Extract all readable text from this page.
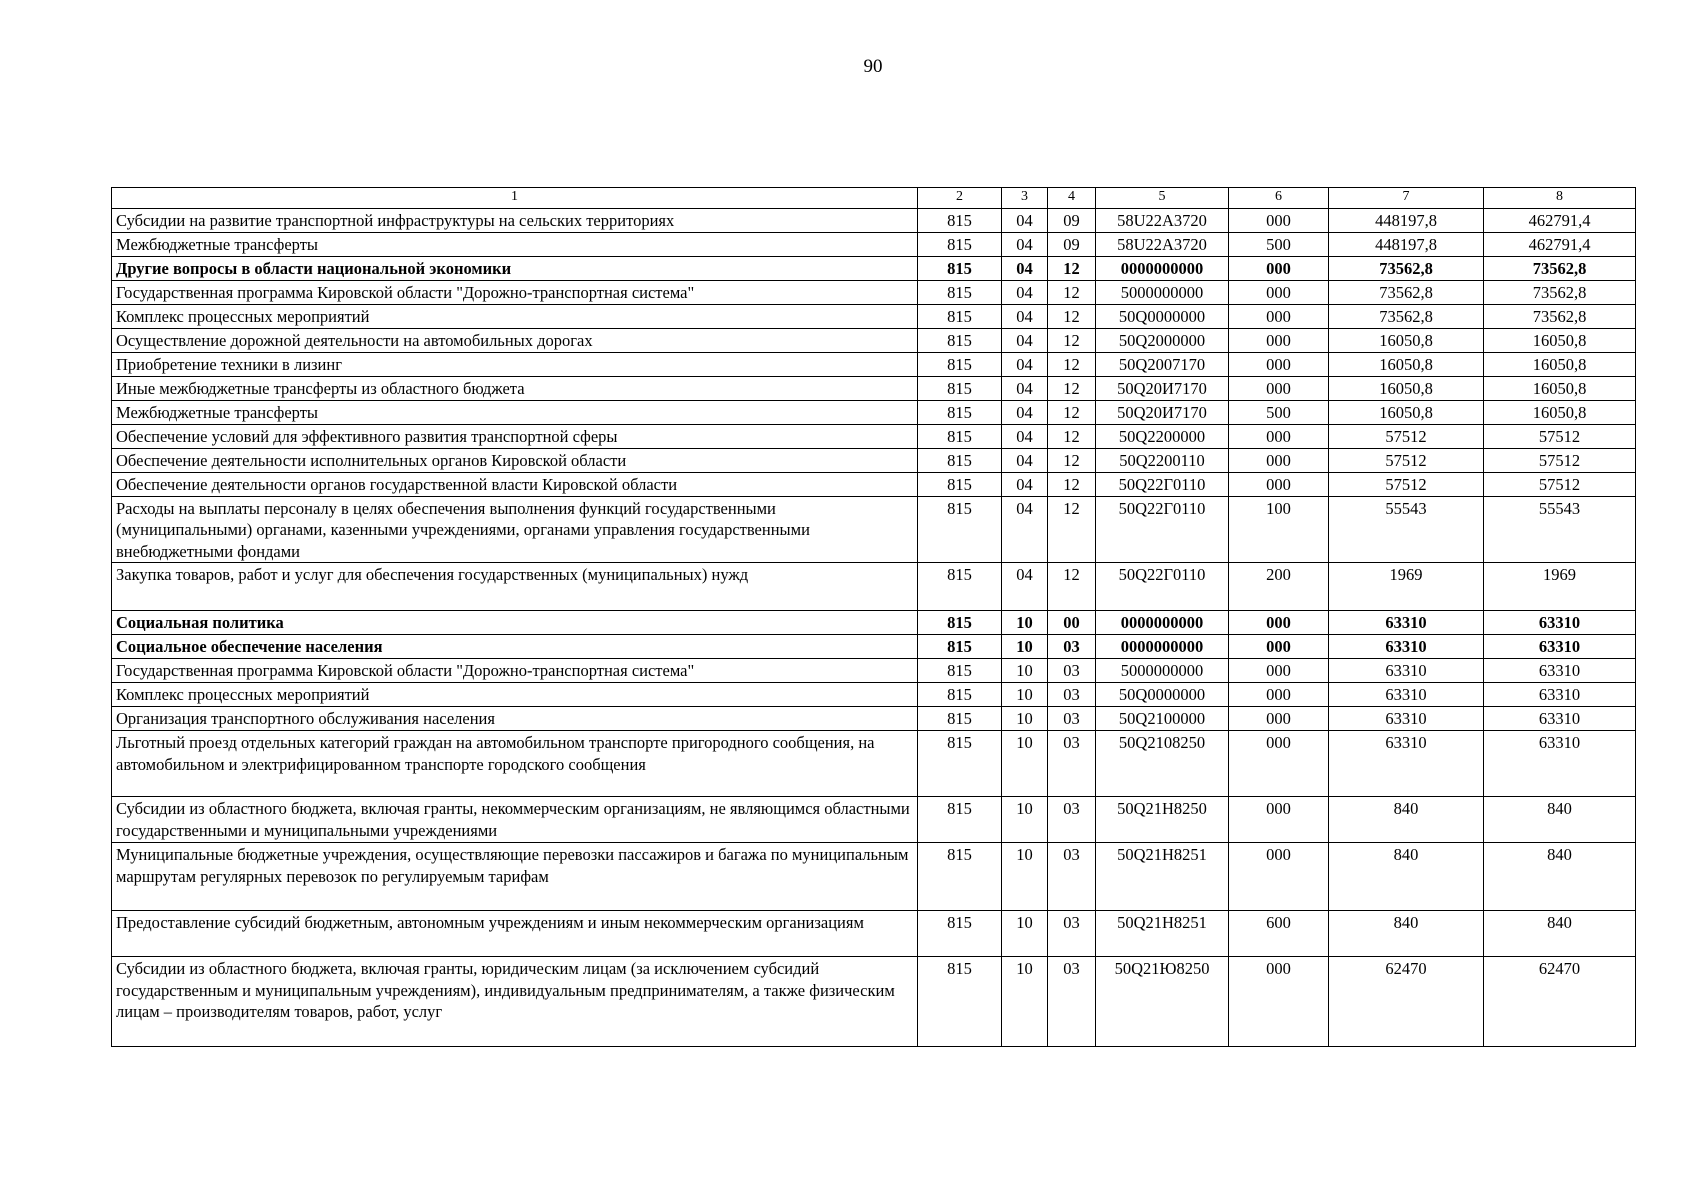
90
1	2	3	4	5	6	7	8
Субсидии на развитие транспортной инфраструктуры на сельских территориях	815	04	09	58U22A3720	000	448197,8	462791,4
Межбюджетные трансферты	815	04	09	58U22A3720	500	448197,8	462791,4
Другие вопросы в области национальной экономики	815	04	12	0000000000	000	73562,8	73562,8
Государственная программа Кировской области "Дорожно-транспортная система"	815	04	12	5000000000	000	73562,8	73562,8
Комплекс процессных мероприятий	815	04	12	50Q0000000	000	73562,8	73562,8
Осуществление дорожной деятельности на автомобильных дорогах	815	04	12	50Q2000000	000	16050,8	16050,8
Приобретение техники в лизинг	815	04	12	50Q2007170	000	16050,8	16050,8
Иные межбюджетные трансферты из областного бюджета	815	04	12	50Q20И7170	000	16050,8	16050,8
Межбюджетные трансферты	815	04	12	50Q20И7170	500	16050,8	16050,8
Обеспечение условий для эффективного развития транспортной сферы	815	04	12	50Q2200000	000	57512	57512
Обеспечение деятельности исполнительных органов Кировской области	815	04	12	50Q2200110	000	57512	57512
Обеспечение деятельности органов государственной власти Кировской области	815	04	12	50Q22Г0110	000	57512	57512
Расходы на выплаты персоналу в целях обеспечения выполнения функций государственными (муниципальными) органами, казенными учреждениями, органами управления государственными внебюджетными фондами	815	04	12	50Q22Г0110	100	55543	55543
Закупка товаров, работ и услуг для обеспечения государственных (муниципальных) нужд	815	04	12	50Q22Г0110	200	1969	1969
Социальная политика	815	10	00	0000000000	000	63310	63310
Социальное обеспечение населения	815	10	03	0000000000	000	63310	63310
Государственная программа Кировской области "Дорожно-транспортная система"	815	10	03	5000000000	000	63310	63310
Комплекс процессных мероприятий	815	10	03	50Q0000000	000	63310	63310
Организация транспортного обслуживания населения	815	10	03	50Q2100000	000	63310	63310
Льготный проезд отдельных категорий граждан на автомобильном транспорте пригородного сообщения, на автомобильном и электрифицированном транспорте городского сообщения	815	10	03	50Q2108250	000	63310	63310
Субсидии из областного бюджета, включая гранты, некоммерческим организациям, не являющимся областными государственными и муниципальными учреждениями	815	10	03	50Q21H8250	000	840	840
Муниципальные бюджетные учреждения, осуществляющие перевозки пассажиров и багажа по муниципальным маршрутам регулярных перевозок по регулируемым тарифам	815	10	03	50Q21H8251	000	840	840
Предоставление субсидий бюджетным, автономным учреждениям и иным некоммерческим организациям	815	10	03	50Q21H8251	600	840	840
Субсидии из областного бюджета, включая гранты, юридическим лицам (за исключением субсидий государственным и муниципальным учреждениям), индивидуальным предпринимателям, а также физическим лицам – производителям товаров, работ, услуг	815	10	03	50Q21Ю8250	000	62470	62470
